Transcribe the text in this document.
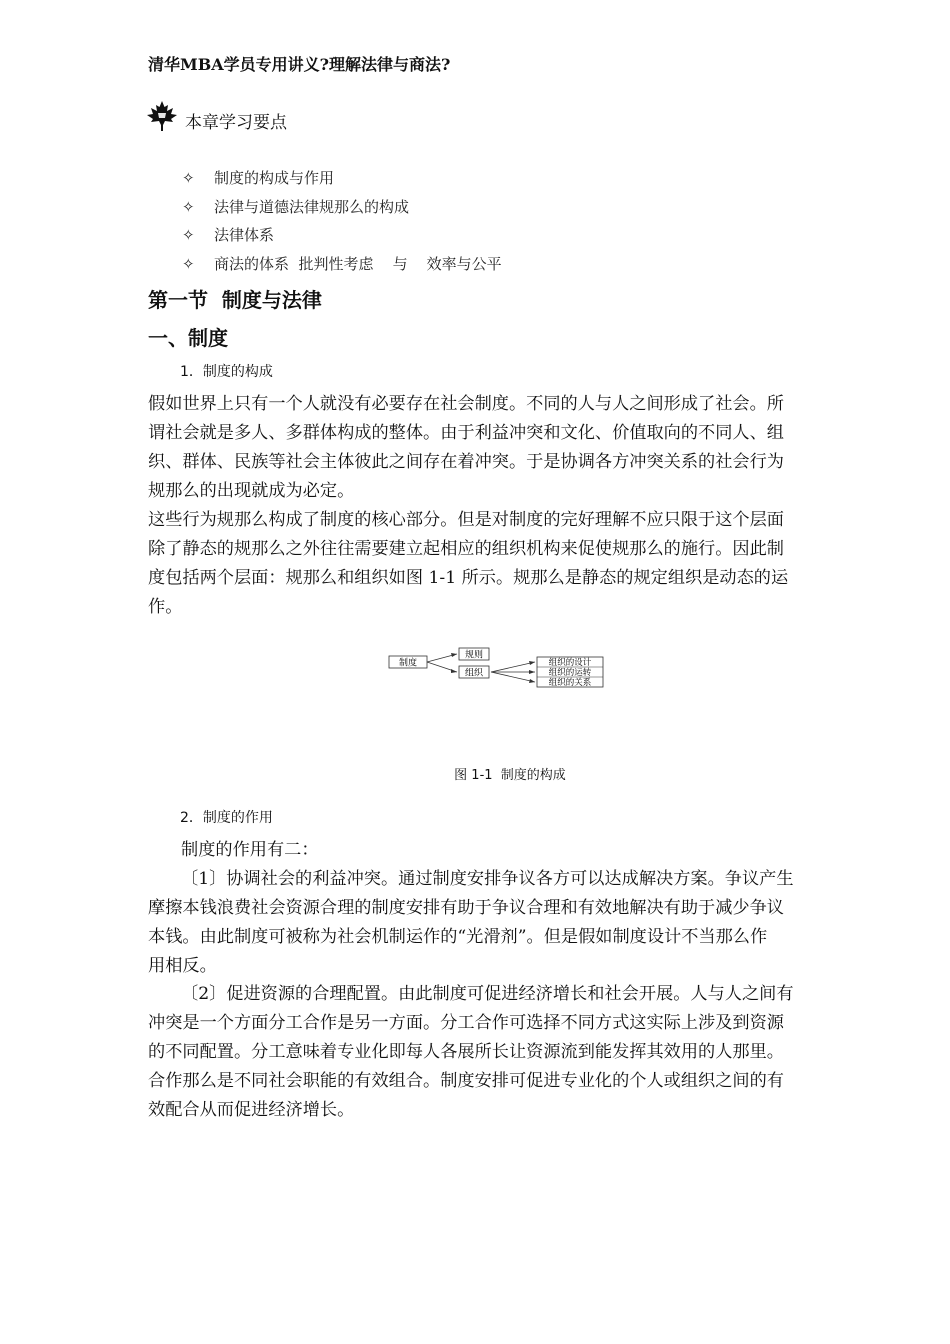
清华MBA学员专用讲义?理解法律与商法?
本章学习要点
✧	制度的构成与作用
✧	法律与道德法律规那么的构成
✧	法律体系
✧	商法的体系  批判性考虑    与    效率与公平
第一节  制度与法律
一、制度
1．制度的构成

假如世界上只有一个人就没有必要存在社会制度。不同的人与人之间形成了社会。所

谓社会就是多人、多群体构成的整体。由于利益冲突和文化、价值取向的不同人、组

织、群体、民族等社会主体彼此之间存在着冲突。于是协调各方冲突关系的社会行为

规那么的出现就成为必定。

这些行为规那么构成了制度的核心部分。但是对制度的完好理解不应只限于这个层面

除了静态的规那么之外往往需要建立起相应的组织机构来促使规那么的施行。因此制

度包括两个层面：规那么和组织如图 1-1 所示。规那么是静态的规定组织是动态的运

作。

制度
规则
组织
组织的设计
组织的运转
组织的关系
图 1-1  制度的构成
2．制度的作用
制度的作用有二：

〔1〕协调社会的利益冲突。通过制度安排争议各方可以达成解决方案。争议产生

摩擦本钱浪费社会资源合理的制度安排有助于争议合理和有效地解决有助于减少争议

本钱。由此制度可被称为社会机制运作的“光滑剂”。但是假如制度设计不当那么作

用相反。

〔2〕促进资源的合理配置。由此制度可促进经济增长和社会开展。人与人之间有

冲突是一个方面分工合作是另一方面。分工合作可选择不同方式这实际上涉及到资源

的不同配置。分工意味着专业化即每人各展所长让资源流到能发挥其效用的人那里。

合作那么是不同社会职能的有效组合。制度安排可促进专业化的个人或组织之间的有

效配合从而促进经济增长。
